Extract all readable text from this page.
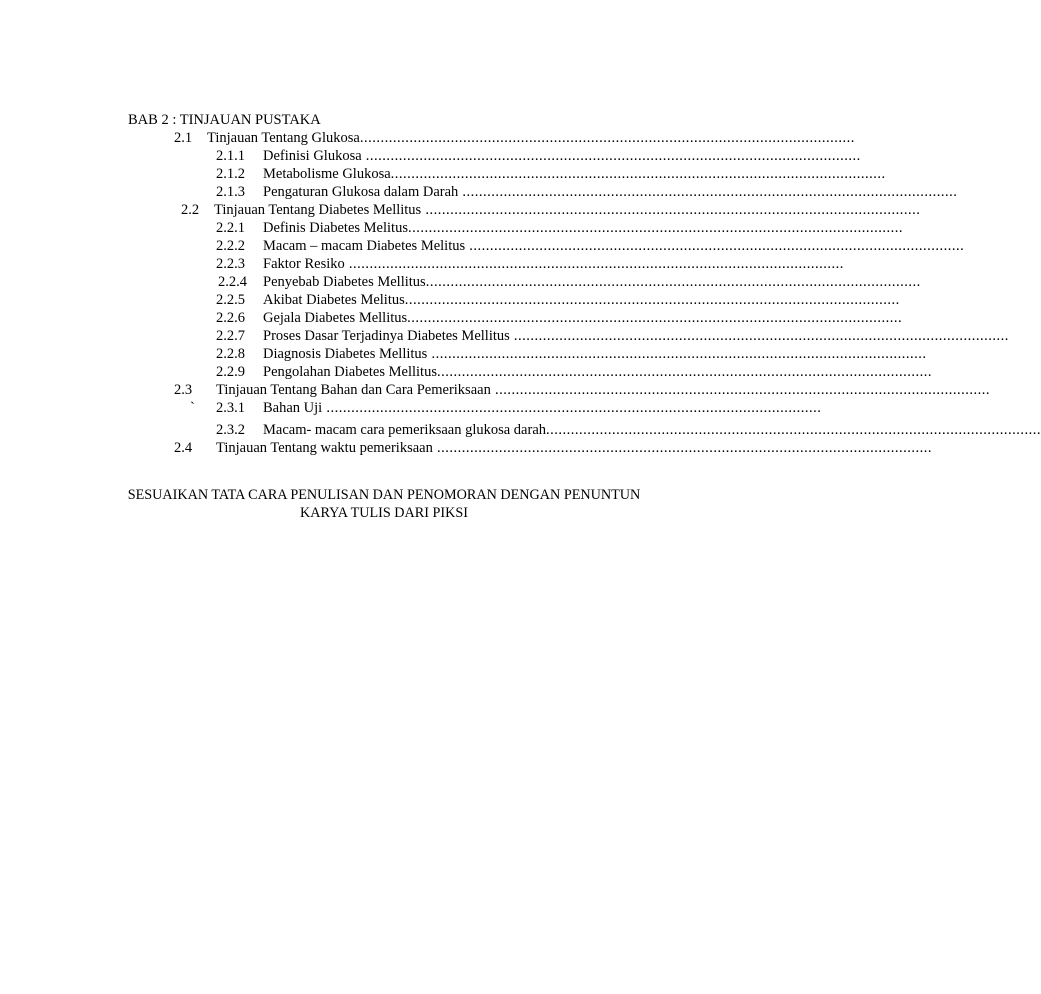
BAB 2 : TINJAUAN PUSTAKA
2.1 Tinjauan Tentang Glukosa ........................................................................................................................
2.1.1 Definisi Glukosa ........................................................................................................................
2.1.2 Metabolisme Glukosa ........................................................................................................................
2.1.3 Pengaturan Glukosa dalam Darah ........................................................................................................................
2.2 Tinjauan Tentang Diabetes Mellitus ........................................................................................................................
2.2.1 Definis Diabetes Melitus ........................................................................................................................
2.2.2 Macam – macam Diabetes Melitus ........................................................................................................................
2.2.3 Faktor Resiko ........................................................................................................................
2.2.4 Penyebab Diabetes Mellitus ........................................................................................................................
2.2.5 Akibat Diabetes Melitus ........................................................................................................................
2.2.6 Gejala Diabetes Mellitus ........................................................................................................................
2.2.7 Proses Dasar Terjadinya Diabetes Mellitus ........................................................................................................................
2.2.8 Diagnosis Diabetes Mellitus ........................................................................................................................
2.2.9 Pengolahan Diabetes Mellitus ........................................................................................................................
2.3 Tinjauan Tentang Bahan dan Cara Pemeriksaan ........................................................................................................................
` 2.3.1 Bahan Uji ........................................................................................................................
2.3.2 Macam- macam cara pemeriksaan glukosa darah ........................................................................................................................
2.4 Tinjauan Tentang waktu pemeriksaan ........................................................................................................................
SESUAIKAN TATA CARA PENULISAN DAN PENOMORAN DENGAN PENUNTUN
KARYA TULIS DARI PIKSI
